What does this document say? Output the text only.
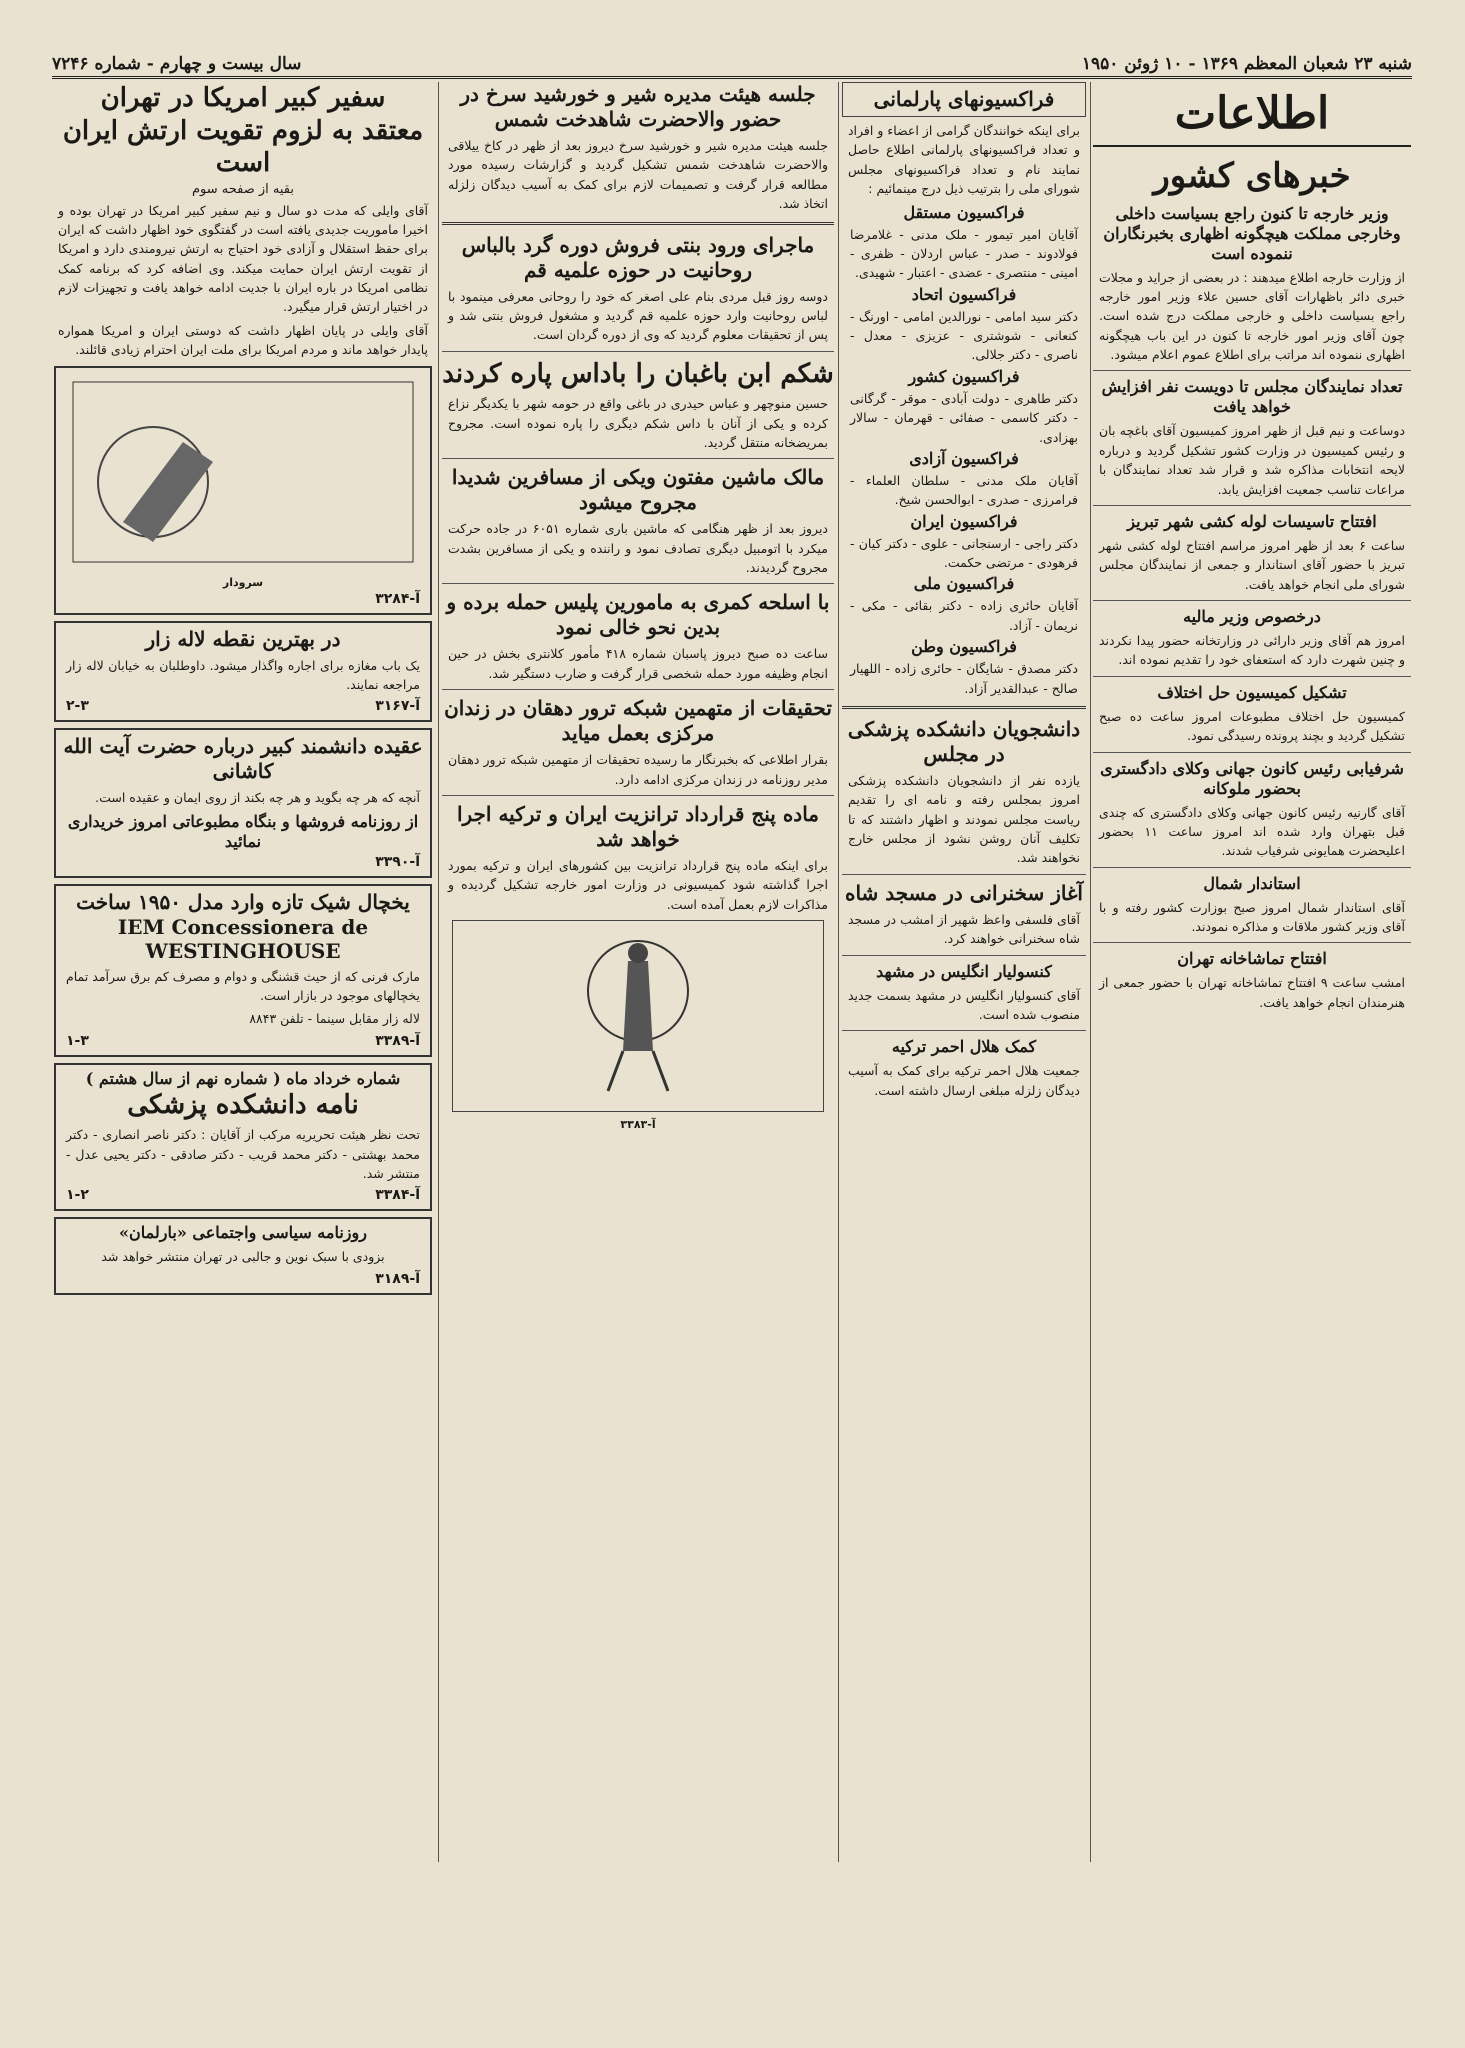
شنبه ۲۳ شعبان المعظم ۱۳۶۹ - ۱۰ ژوئن ۱۹۵۰
سال بیست و چهارم - شماره ۷۲۴۶
اطلاعات
خبرهای کشور
وزیر خارجه تا کنون راجع بسیاست داخلی وخارجی مملکت هیچگونه اظهاری بخبرنگاران ننموده است

از وزارت خارجه اطلاع میدهند : در بعضی از جراید و مجلات خبری دائر باظهارات آقای حسین علاء وزیر امور خارجه راجع بسیاست داخلی و خارجی مملکت درج شده است. چون آقای وزیر امور خارجه تا کنون در این باب هیچگونه اظهاری ننموده اند مراتب برای اطلاع عموم اعلام میشود.

تعداد نمایندگان مجلس تا دویست نفر افزایش خواهد یافت

دوساعت و نیم قبل از ظهر امروز کمیسیون آقای باغچه بان و رئیس کمیسیون در وزارت کشور تشکیل گردید و درباره لایحه انتخابات مذاکره شد و قرار شد تعداد نمایندگان با مراعات تناسب جمعیت افزایش یابد.

افتتاح تاسیسات لوله کشی شهر تبریز

ساعت ۶ بعد از ظهر امروز مراسم افتتاح لوله کشی شهر تبریز با حضور آقای استاندار و جمعی از نمایندگان مجلس شورای ملی انجام خواهد یافت.

درخصوص وزیر مالیه

امروز هم آقای وزیر دارائی در وزارتخانه حضور پیدا نکردند و چنین شهرت دارد که استعفای خود را تقدیم نموده اند.

تشکیل کمیسیون حل اختلاف

کمیسیون حل اختلاف مطبوعات امروز ساعت ده صبح تشکیل گردید و بچند پرونده رسیدگی نمود.

شرفیابی رئیس کانون جهانی وکلای دادگستری بحضور ملوکانه

آقای گارنیه رئیس کانون جهانی وکلای دادگستری که چندی قبل بتهران وارد شده اند امروز ساعت ۱۱ بحضور اعلیحضرت همایونی شرفیاب شدند.

استاندار شمال

آقای استاندار شمال امروز صبح بوزارت کشور رفته و با آقای وزیر کشور ملاقات و مذاکره نمودند.

افتتاح تماشاخانه تهران

امشب ساعت ۹ افتتاح تماشاخانه تهران با حضور جمعی از هنرمندان انجام خواهد یافت.

فراکسیونهای پارلمانی

برای اینکه خوانندگان گرامی از اعضاء و افراد و تعداد فراکسیونهای پارلمانی اطلاع حاصل نمایند نام و تعداد فراکسیونهای مجلس شورای ملی را بترتیب ذیل درج مینمائیم :

فراکسیون مستقل

آقایان امیر تیمور - ملک مدنی - غلامرضا فولادوند - صدر - عباس اردلان - ظفری - امینی - منتصری - عضدی - اعتبار - شهیدی.

فراکسیون اتحاد

دکتر سید امامی - نورالدین امامی - اورنگ - کنعانی - شوشتری - عزیزی - معدل - ناصری - دکتر جلالی.

فراکسیون کشور

دکتر طاهری - دولت آبادی - موقر - گرگانی - دکتر کاسمی - صفائی - قهرمان - سالار بهزادی.

فراکسیون آزادی

آقایان ملک مدنی - سلطان العلماء - فرامرزی - صدری - ابوالحسن شیخ.

فراکسیون ایران

دکتر راجی - ارسنجانی - علوی - دکتر کیان - فرهودی - مرتضی حکمت.

فراکسیون ملی

آقایان حائری زاده - دکتر بقائی - مکی - نریمان - آزاد.

فراکسیون وطن

دکتر مصدق - شایگان - حائری زاده - اللهیار صالح - عبدالقدیر آزاد.

دانشجویان دانشکده پزشکی در مجلس

یازده نفر از دانشجویان دانشکده پزشکی امروز بمجلس رفته و نامه ای را تقدیم ریاست مجلس نمودند و اظهار داشتند که تا تکلیف آنان روشن نشود از مجلس خارج نخواهند شد.

آغاز سخنرانی در مسجد شاه

آقای فلسفی واعظ شهیر از امشب در مسجد شاه سخنرانی خواهند کرد.

کنسولیار انگلیس در مشهد

آقای کنسولیار انگلیس در مشهد بسمت جدید منصوب شده است.

کمک هلال احمر ترکیه

جمعیت هلال احمر ترکیه برای کمک به آسیب دیدگان زلزله مبلغی ارسال داشته است.

جلسه هیئت مدیره شیر و خورشید سرخ در حضور والاحضرت شاهدخت شمس

جلسه هیئت مدیره شیر و خورشید سرخ دیروز بعد از ظهر در کاخ ییلاقی والاحضرت شاهدخت شمس تشکیل گردید و گزارشات رسیده مورد مطالعه قرار گرفت و تصمیمات لازم برای کمک به آسیب دیدگان زلزله اتخاذ شد.

ماجرای ورود بنتی فروش دوره گرد بالباس روحانیت در حوزه علمیه قم

دوسه روز قبل مردی بنام علی اصغر که خود را روحانی معرفی مینمود با لباس روحانیت وارد حوزه علمیه قم گردید و مشغول فروش بنتی شد و پس از تحقیقات معلوم گردید که وی از دوره گردان است.

شکم ابن باغبان را باداس پاره کردند

حسین منوچهر و عباس حیدری در باغی واقع در حومه شهر با یکدیگر نزاع کرده و یکی از آنان با داس شکم دیگری را پاره نموده است. مجروح بمریضخانه منتقل گردید.

مالک ماشین مفتون ویکی از مسافرین شدیدا مجروح میشود

دیروز بعد از ظهر هنگامی که ماشین باری شماره ۶۰۵۱ در جاده حرکت میکرد با اتومبیل دیگری تصادف نمود و راننده و یکی از مسافرین بشدت مجروح گردیدند.

با اسلحه کمری به مامورین پلیس حمله برده و بدین نحو خالی نمود

ساعت ده صبح دیروز پاسبان شماره ۴۱۸ مأمور کلانتری بخش در حین انجام وظیفه مورد حمله شخصی قرار گرفت و ضارب دستگیر شد.

تحقیقات از متهمین شبکه ترور دهقان در زندان مرکزی بعمل میاید

بقرار اطلاعی که بخبرنگار ما رسیده تحقیقات از متهمین شبکه ترور دهقان مدیر روزنامه در زندان مرکزی ادامه دارد.

ماده پنج قرارداد ترانزیت ایران و ترکیه اجرا خواهد شد

برای اینکه ماده پنج قرارداد ترانزیت بین کشورهای ایران و ترکیه بمورد اجرا گذاشته شود کمیسیونی در وزارت امور خارجه تشکیل گردیده و مذاکرات لازم بعمل آمده است.

آ-۳۳۸۳
سفیر کبیر امریکا در تهران
معتقد به لزوم تقویت ارتش ایران است
بقیه از صفحه سوم

آقای وایلی که مدت دو سال و نیم سفیر کبیر امریکا در تهران بوده و اخیرا ماموریت جدیدی یافته است در گفتگوی خود اظهار داشت که ایران برای حفظ استقلال و آزادی خود احتیاج به ارتش نیرومندی دارد و امریکا از تقویت ارتش ایران حمایت میکند. وی اضافه کرد که برنامه کمک نظامی امریکا در باره ایران با جدیت ادامه خواهد یافت و تجهیزات لازم در اختیار ارتش قرار میگیرد.

آقای وایلی در پایان اظهار داشت که دوستی ایران و امریکا همواره پایدار خواهد ماند و مردم امریکا برای ملت ایران احترام زیادی قائلند.

سرودار
آ-۳۲۸۴
در بهترین نقطه لاله زار

یک باب مغازه برای اجاره واگذار میشود. داوطلبان به خیابان لاله زار مراجعه نمایند.

آ-۳۱۶۷
۲-۳
عقیده دانشمند کبیر درباره حضرت آیت الله کاشانی

آنچه که هر چه بگوید و هر چه بکند از روی ایمان و عقیده است.

از روزنامه فروشها و بنگاه مطبوعاتی امروز خریداری نمائید
آ-۳۳۹۰
یخچال شیک تازه وارد مدل ۱۹۵۰ ساخت
IEM Concessionera de WESTINGHOUSE

مارک فرنی که از حیث قشنگی و دوام و مصرف کم برق سرآمد تمام یخچالهای موجود در بازار است.

لاله زار مقابل سینما - تلفن ۸۸۴۳

آ-۳۳۸۹
۱-۳
شماره خرداد ماه ( شماره نهم از سال هشتم )
نامه دانشکده پزشکی

تحت نظر هیئت تحریریه مرکب از آقایان : دکتر ناصر انصاری - دکتر محمد بهشتی - دکتر محمد قریب - دکتر صادقی - دکتر یحیی عدل - منتشر شد.

آ-۳۳۸۴
۱-۲
روزنامه سیاسی واجتماعی «بارلمان»

بزودی با سبک نوین و جالبی در تهران منتشر خواهد شد

آ-۳۱۸۹
